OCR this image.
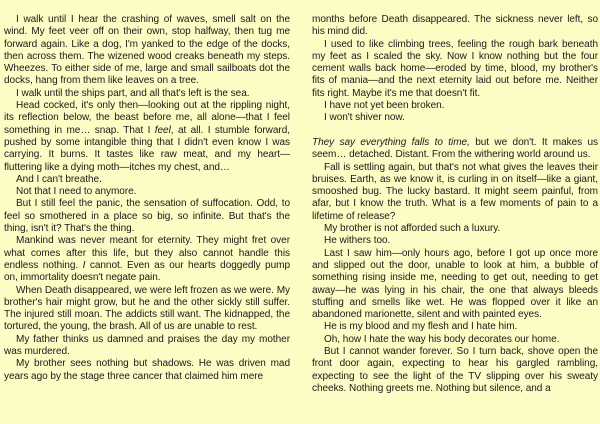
I walk until I hear the crashing of waves, smell salt on the wind. My feet veer off on their own, stop halfway, then tug me forward again. Like a dog, I'm yanked to the edge of the docks, then across them. The wizened wood creaks beneath my steps. Wheezes. To either side of me, large and small sailboats dot the docks, hang from them like leaves on a tree.

I walk until the ships part, and all that's left is the sea.

Head cocked, it's only then—looking out at the rippling night, its reflection below, the beast before me, all alone—that I feel something in me… snap. That I feel, at all. I stumble forward, pushed by some intangible thing that I didn't even know I was carrying. It burns. It tastes like raw meat, and my heart—fluttering like a dying moth—itches my chest, and…

And I can't breathe.

Not that I need to anymore.

But I still feel the panic, the sensation of suffocation. Odd, to feel so smothered in a place so big, so infinite. But that's the thing, isn't it? That's the thing.

Mankind was never meant for eternity. They might fret over what comes after this life, but they also cannot handle this endless nothing. I cannot. Even as our hearts doggedly pump on, immortality doesn't negate pain.

When Death disappeared, we were left frozen as we were. My brother's hair might grow, but he and the other sickly still suffer. The injured still moan. The addicts still want. The kidnapped, the tortured, the young, the brash. All of us are unable to rest.

My father thinks us damned and praises the day my mother was murdered.

My brother sees nothing but shadows. He was driven mad years ago by the stage three cancer that claimed him mere

months before Death disappeared. The sickness never left, so his mind did.

I used to like climbing trees, feeling the rough bark beneath my feet as I scaled the sky. Now I know nothing but the four cement walls back home—eroded by time, blood, my brother's fits of mania—and the next eternity laid out before me. Neither fits right. Maybe it's me that doesn't fit.

I have not yet been broken.

I won't shiver now.

They say everything falls to time, but we don't. It makes us seem… detached. Distant. From the withering world around us.

Fall is settling again, but that's not what gives the leaves their bruises. Earth, as we know it, is curling in on itself—like a giant, smooshed bug. The lucky bastard. It might seem painful, from afar, but I know the truth. What is a few moments of pain to a lifetime of release?

My brother is not afforded such a luxury.

He withers too.

Last I saw him—only hours ago, before I got up once more and slipped out the door, unable to look at him, a bubble of something rising inside me, needing to get out, needing to get away—he was lying in his chair, the one that always bleeds stuffing and smells like wet. He was flopped over it like an abandoned marionette, silent and with painted eyes.

He is my blood and my flesh and I hate him.

Oh, how I hate the way his body decorates our home.

But I cannot wander forever. So I turn back, shove open the front door again, expecting to hear his gargled rambling, expecting to see the light of the TV slipping over his sweaty cheeks. Nothing greets me. Nothing but silence, and a
